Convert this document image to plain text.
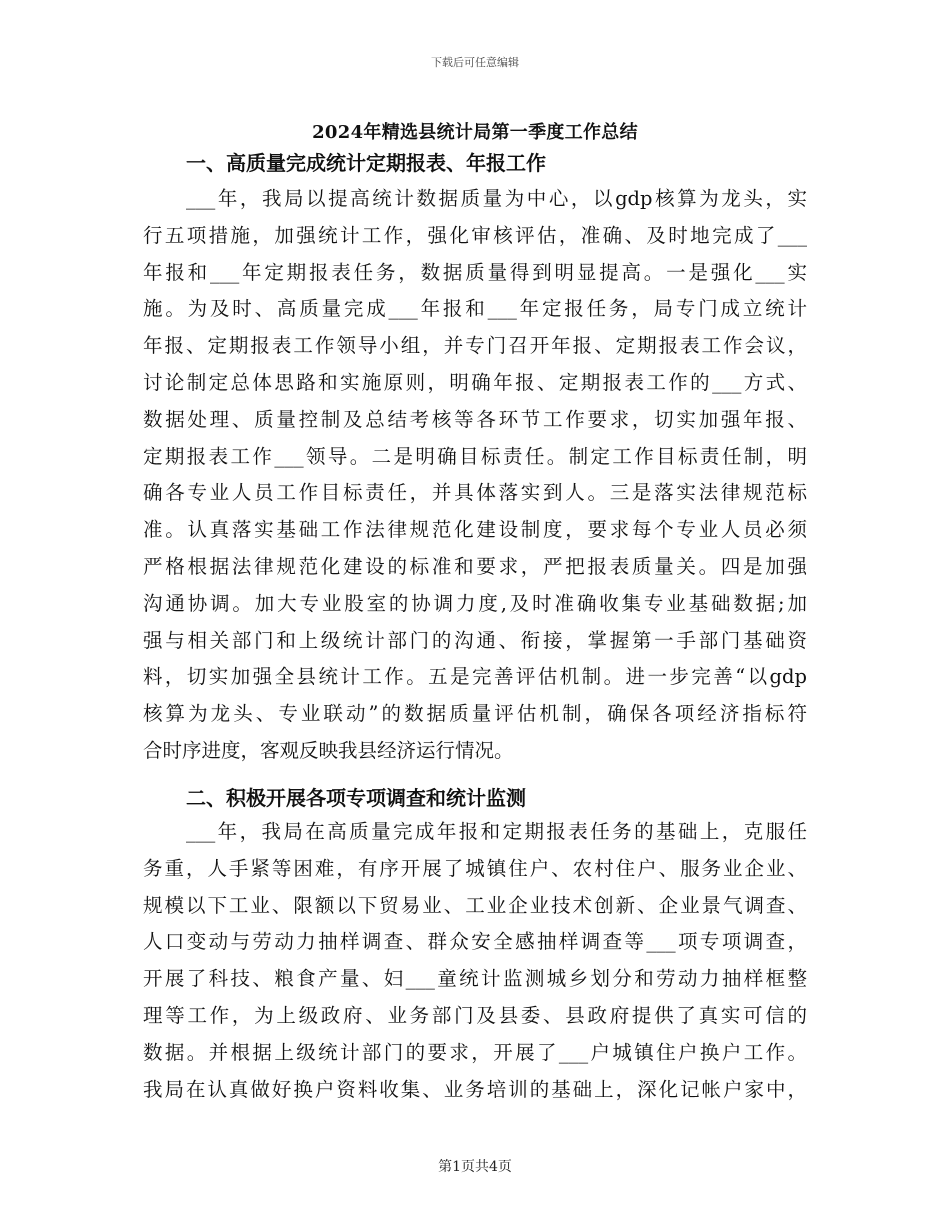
下载后可任意编辑
2024年精选县统计局第一季度工作总结
一、高质量完成统计定期报表、年报工作
___年，我局以提高统计数据质量为中心，以gdp核算为龙头，实
行五项措施，加强统计工作，强化审核评估，准确、及时地完成了___
年报和___年定期报表任务，数据质量得到明显提高。一是强化___实
施。为及时、高质量完成___年报和___年定报任务，局专门成立统计
年报、定期报表工作领导小组，并专门召开年报、定期报表工作会议，
讨论制定总体思路和实施原则，明确年报、定期报表工作的___方式、
数据处理、质量控制及总结考核等各环节工作要求，切实加强年报、
定期报表工作___领导。二是明确目标责任。制定工作目标责任制，明
确各专业人员工作目标责任，并具体落实到人。三是落实法律规范标
准。认真落实基础工作法律规范化建设制度，要求每个专业人员必须
严格根据法律规范化建设的标准和要求，严把报表质量关。四是加强
沟通协调。加大专业股室的协调力度,及时准确收集专业基础数据;加
强与相关部门和上级统计部门的沟通、衔接，掌握第一手部门基础资
料，切实加强全县统计工作。五是完善评估机制。进一步完善“以gdp
核算为龙头、专业联动”的数据质量评估机制，确保各项经济指标符
合时序进度，客观反映我县经济运行情况。
二、积极开展各项专项调查和统计监测
___年，我局在高质量完成年报和定期报表任务的基础上，克服任
务重，人手紧等困难，有序开展了城镇住户、农村住户、服务业企业、
规模以下工业、限额以下贸易业、工业企业技术创新、企业景气调查、
人口变动与劳动力抽样调查、群众安全感抽样调查等___项专项调查，
开展了科技、粮食产量、妇___童统计监测城乡划分和劳动力抽样框整
理等工作，为上级政府、业务部门及县委、县政府提供了真实可信的
数据。并根据上级统计部门的要求，开展了___户城镇住户换户工作。
我局在认真做好换户资料收集、业务培训的基础上，深化记帐户家中，
第1页共4页
